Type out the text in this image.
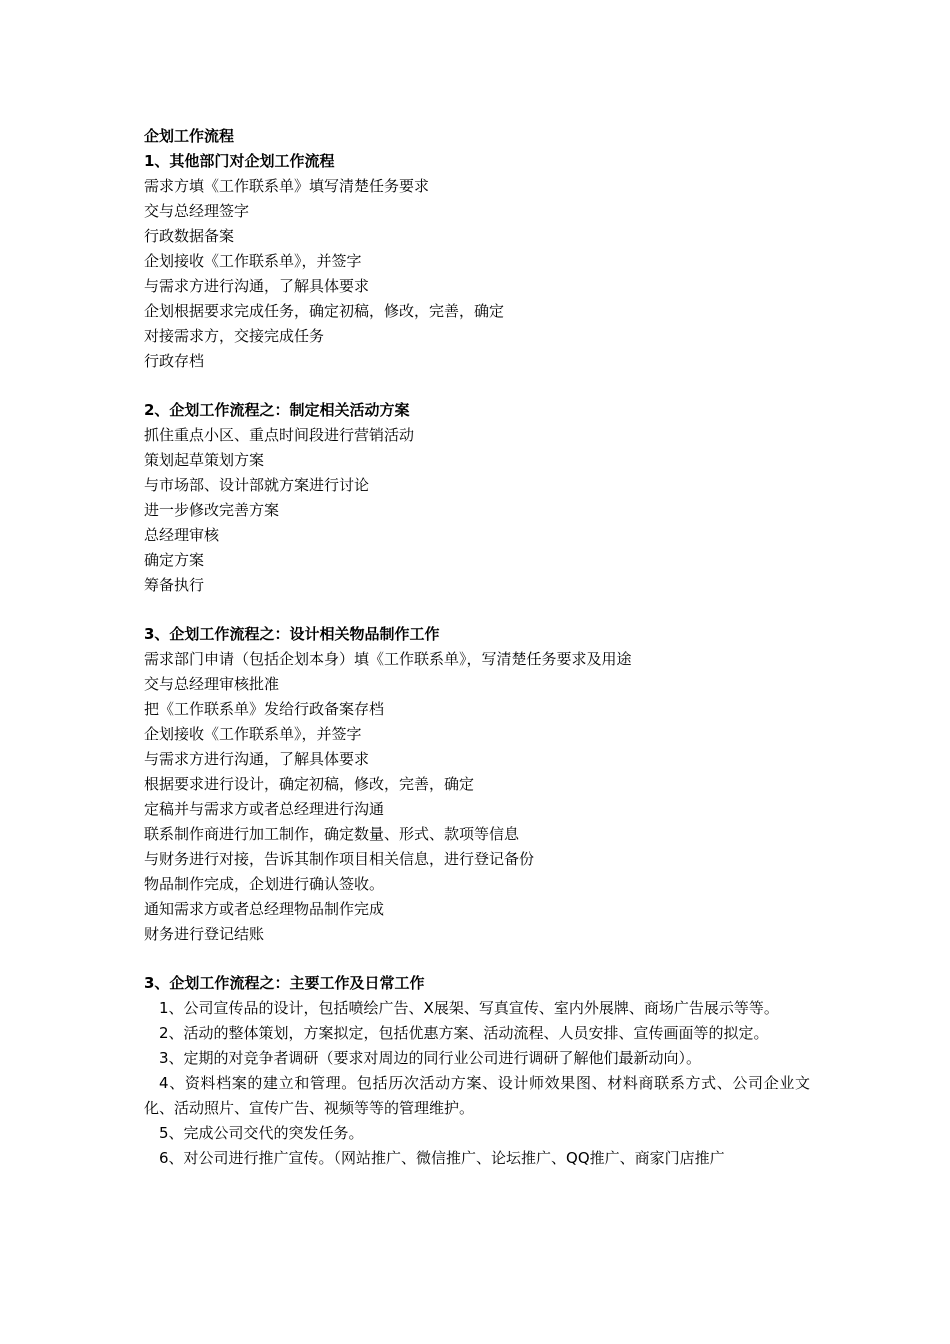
企划工作流程
1、其他部门对企划工作流程
需求方填《工作联系单》填写清楚任务要求
交与总经理签字
行政数据备案
企划接收《工作联系单》，并签字
与需求方进行沟通，了解具体要求
企划根据要求完成任务，确定初稿，修改，完善，确定
对接需求方，交接完成任务
行政存档
2、企划工作流程之：制定相关活动方案
抓住重点小区、重点时间段进行营销活动
策划起草策划方案
与市场部、设计部就方案进行讨论
进一步修改完善方案
总经理审核
确定方案
筹备执行
3、企划工作流程之：设计相关物品制作工作
需求部门申请（包括企划本身）填《工作联系单》，写清楚任务要求及用途
交与总经理审核批准
把《工作联系单》发给行政备案存档
企划接收《工作联系单》，并签字
与需求方进行沟通，了解具体要求
根据要求进行设计，确定初稿，修改，完善，确定
定稿并与需求方或者总经理进行沟通
联系制作商进行加工制作，确定数量、形式、款项等信息
与财务进行对接，告诉其制作项目相关信息，进行登记备份
物品制作完成，企划进行确认签收。
通知需求方或者总经理物品制作完成
财务进行登记结账
3、企划工作流程之：主要工作及日常工作

1、公司宣传品的设计，包括喷绘广告、X展架、写真宣传、室内外展牌、商场广告展示等等。

2、活动的整体策划，方案拟定，包括优惠方案、活动流程、人员安排、宣传画面等的拟定。

3、定期的对竞争者调研（要求对周边的同行业公司进行调研了解他们最新动向）。

4、资料档案的建立和管理。包括历次活动方案、设计师效果图、材料商联系方式、公司企业文化、活动照片、宣传广告、视频等等的管理维护。

5、完成公司交代的突发任务。

6、对公司进行推广宣传。（网站推广、微信推广、论坛推广、QQ推广、商家门店推广
